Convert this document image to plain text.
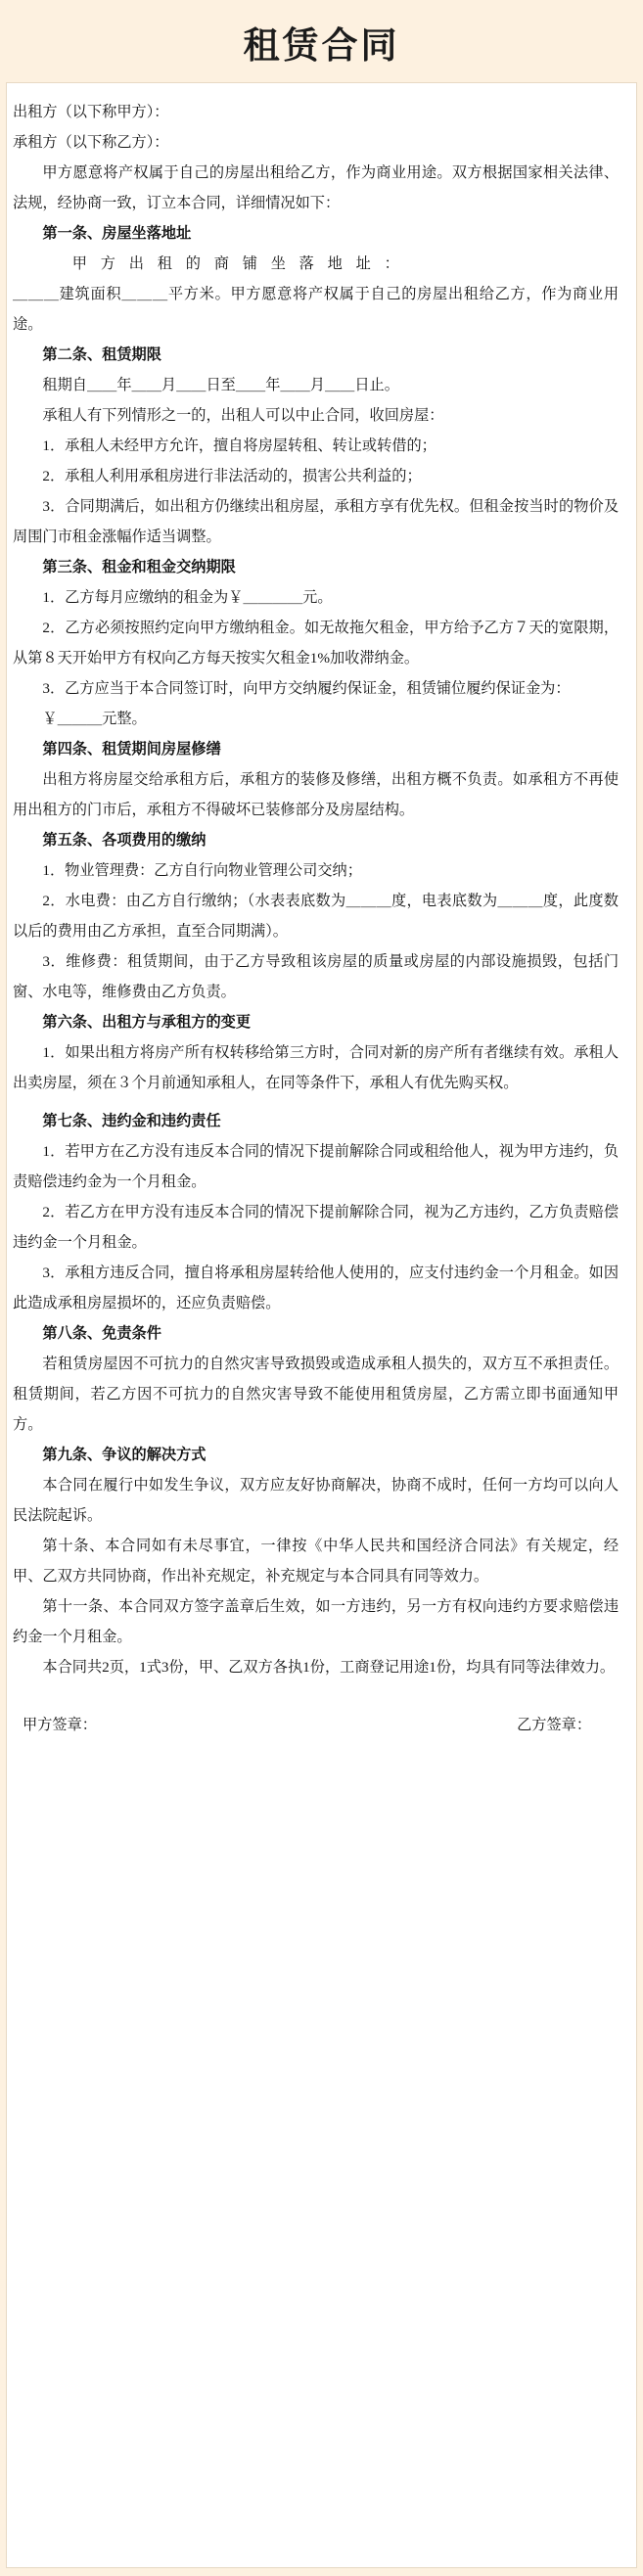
租赁合同

出租方（以下称甲方）：

承租方（以下称乙方）：

甲方愿意将产权属于自己的房屋出租给乙方，作为商业用途。双方根据国家相关法律、法规，经协商一致，订立本合同，详细情况如下：

第一条、房屋坐落地址

甲 方 出 租 的 商 铺 坐 落 地 址 ：

＿＿＿建筑面积＿＿＿平方米。甲方愿意将产权属于自己的房屋出租给乙方，作为商业用途。

第二条、租赁期限

租期自＿＿年＿＿月＿＿日至＿＿年＿＿月＿＿日止。

承租人有下列情形之一的，出租人可以中止合同，收回房屋：

1．承租人未经甲方允许，擅自将房屋转租、转让或转借的；

2．承租人利用承租房进行非法活动的，损害公共利益的；

3．合同期满后，如出租方仍继续出租房屋，承租方享有优先权。但租金按当时的物价及周围门市租金涨幅作适当调整。

第三条、租金和租金交纳期限

1．乙方每月应缴纳的租金为￥＿＿＿＿元。

2．乙方必须按照约定向甲方缴纳租金。如无故拖欠租金，甲方给予乙方７天的宽限期，从第８天开始甲方有权向乙方每天按实欠租金1%加收滞纳金。

3．乙方应当于本合同签订时，向甲方交纳履约保证金，租赁铺位履约保证金为：

￥＿＿＿元整。

第四条、租赁期间房屋修缮

出租方将房屋交给承租方后，承租方的装修及修缮，出租方概不负责。如承租方不再使用出租方的门市后，承租方不得破坏已装修部分及房屋结构。

第五条、各项费用的缴纳

1．物业管理费：乙方自行向物业管理公司交纳；

2．水电费：由乙方自行缴纳；（水表表底数为＿＿＿度，电表底数为＿＿＿度，此度数以后的费用由乙方承担，直至合同期满）。

3．维修费：租赁期间，由于乙方导致租该房屋的质量或房屋的内部设施损毁，包括门窗、水电等，维修费由乙方负责。

第六条、出租方与承租方的变更

1．如果出租方将房产所有权转移给第三方时，合同对新的房产所有者继续有效。承租人出卖房屋，须在３个月前通知承租人，在同等条件下，承租人有优先购买权。

第七条、违约金和违约责任

1．若甲方在乙方没有违反本合同的情况下提前解除合同或租给他人，视为甲方违约，负责赔偿违约金为一个月租金。

2．若乙方在甲方没有违反本合同的情况下提前解除合同，视为乙方违约，乙方负责赔偿违约金一个月租金。

3．承租方违反合同，擅自将承租房屋转给他人使用的，应支付违约金一个月租金。如因此造成承租房屋损坏的，还应负责赔偿。

第八条、免责条件

若租赁房屋因不可抗力的自然灾害导致损毁或造成承租人损失的，双方互不承担责任。租赁期间，若乙方因不可抗力的自然灾害导致不能使用租赁房屋，乙方需立即书面通知甲方。

第九条、争议的解决方式

本合同在履行中如发生争议，双方应友好协商解决，协商不成时，任何一方均可以向人民法院起诉。

第十条、本合同如有未尽事宜，一律按《中华人民共和国经济合同法》有关规定，经甲、乙双方共同协商，作出补充规定，补充规定与本合同具有同等效力。

第十一条、本合同双方签字盖章后生效，如一方违约，另一方有权向违约方要求赔偿违约金一个月租金。

本合同共2页，1式3份，甲、乙双方各执1份，工商登记用途1份，均具有同等法律效力。

甲方签章：	乙方签章：
